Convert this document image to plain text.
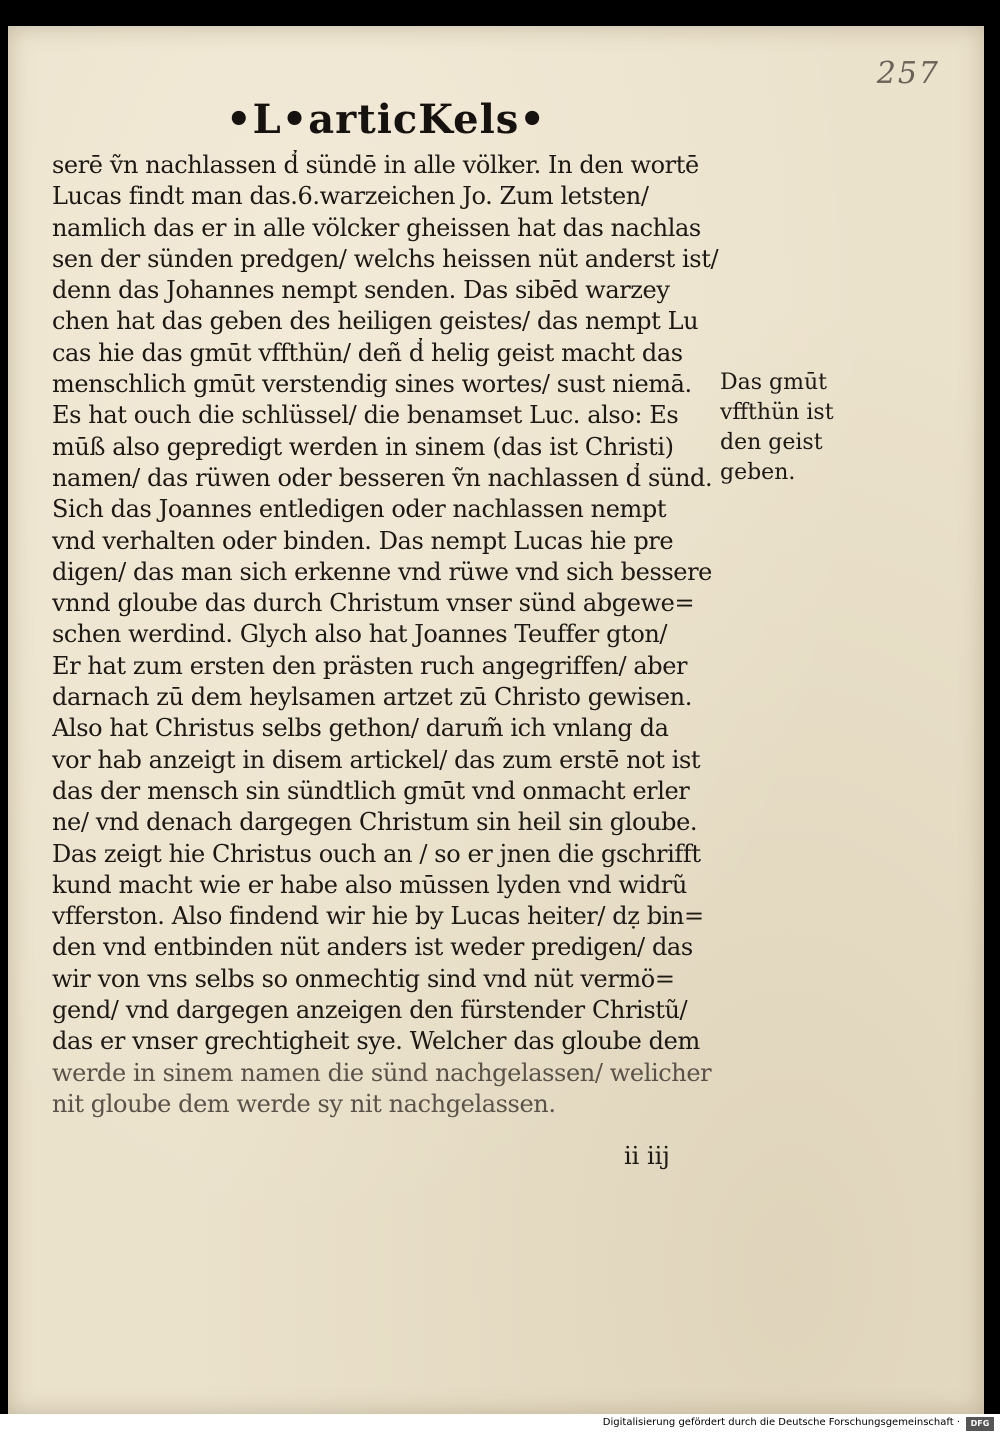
257
•L•articKels•
serē ṽn nachlassen d̓ sündē in alle völker. In den wortē
Lucas findt man das.6.warzeichen Jo. Zum letsten/
namlich das er in alle völcker gheissen hat das nachlas
sen der sünden predgen/ welchs heissen nüt anderst ist/
denn das Johannes nempt senden. Das sibēd warzey
chen hat das geben des heiligen geistes/ das nempt Lu
cas hie das gmūt vffthün/ deñ d̓ helig geist macht das
menschlich gmūt verstendig sines wortes/ sust niemā.
Es hat ouch die schlüssel/ die benamset Luc. also: Es
mūß also gepredigt werden in sinem (das ist Christi)
namen/ das rüwen oder besseren ṽn nachlassen d̓ sünd.
Sich das Joannes entledigen oder nachlassen nempt
vnd verhalten oder binden. Das nempt Lucas hie pre
digen/ das man sich erkenne vnd rüwe vnd sich bessere
vnnd gloube das durch Christum vnser sünd abgewe=
schen werdind. Glych also hat Joannes Teuffer gton/
Er hat zum ersten den prästen ruch angegriffen/ aber
darnach zū dem heylsamen artzet zū Christo gewisen.
Also hat Christus selbs gethon/ darum̃ ich vnlang da
vor hab anzeigt in disem artickel/ das zum erstē not ist
das der mensch sin sündtlich gmūt vnd onmacht erler
ne/ vnd denach dargegen Christum sin heil sin gloube.
Das zeigt hie Christus ouch an / so er jnen die gschrifft
kund macht wie er habe also mūssen lyden vnd widrũ
vfferston. Also findend wir hie by Lucas heiter/ dẓ bin=
den vnd entbinden nüt anders ist weder predigen/ das
wir von vns selbs so onmechtig sind vnd nüt vermö=
gend/ vnd dargegen anzeigen den fürstender Christũ/
das er vnser grechtigheit sye. Welcher das gloube dem
werde in sinem namen die sünd nachgelassen/ welicher
nit gloube dem werde sy nit nachgelassen.
Das gmūt
vffthün ist
den geist
geben.
ii iij
Digitalisierung gefördert durch die Deutsche Forschungsgemeinschaft ·	DFG
